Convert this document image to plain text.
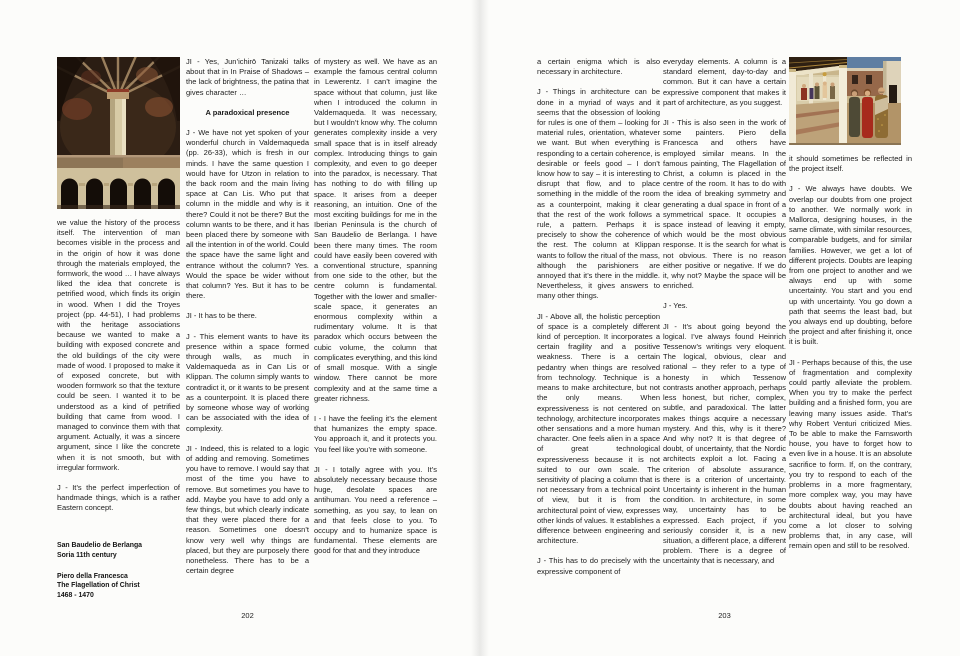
we value the history of the process itself. The intervention of man becomes visible in the process and in the origin of how it was done through the materials employed, the formwork, the wood … I have always liked the idea that concrete is petrified wood, which finds its origin in wood. When I did the Troyes project (pp. 44-51), I had problems with the heritage associations because we wanted to make a building with exposed concrete and the old buildings of the city were made of wood. I proposed to make it of exposed concrete, but with wooden formwork so that the texture could be seen. I wanted it to be understood as a kind of petrified building that came from wood. I managed to convince them with that argument. Actually, it was a sincere argument, since I like the concrete when it is not smooth, but with irregular formwork.

J - It’s the perfect imperfection of handmade things, which is a rather Eastern concept.

San Baudelio de Berlanga
Soria 11th century
Piero della Francesca
The Flagellation of Christ
1468 - 1470

JI - Yes, Jun’ichirō Tanizaki talks about that in In Praise of Shadows – the lack of brightness, the patina that gives character …

A paradoxical presence

J - We have not yet spoken of your wonderful church in Valdemaqueda (pp. 26-33), which is fresh in our minds. I have the same question I would have for Utzon in relation to the back room and the main living space at Can Lis. Who put that column in the middle and why is it there? Could it not be there? But the column wants to be there, and it has been placed there by someone with all the intention in of the world. Could the space have the same light and entrance without the column? Yes. Would the space be wider without that column? Yes. But it has to be there.

JI - It has to be there.

J - This element wants to have its presence within a space formed through walls, as much in Valdemaqueda as in Can Lis or Klippan. The column simply wants to contradict it, or it wants to be present as a counterpoint. It is placed there by someone whose way of working can be associated with the idea of complexity.

JI - Indeed, this is related to a logic of adding and removing. Sometimes you have to remove. I would say that most of the time you have to remove. But sometimes you have to add. Maybe you have to add only a few things, but which clearly indicate that they were placed there for a reason. Sometimes one doesn’t know very well why things are placed, but they are purposely there nonetheless. There has to be a certain degree

of mystery as well. We have as an example the famous central column in Lewerentz. I can’t imagine the space without that column, just like when I introduced the column in Valdemaqueda. It was necessary, but I wouldn’t know why. The column generates complexity inside a very small space that is in itself already complex. Introducing things to gain complexity, and even to go deeper into the paradox, is necessary. That has nothing to do with filling up space. It arises from a deeper reasoning, an intuition. One of the most exciting buildings for me in the Iberian Peninsula is the church of San Baudelio de Berlanga. I have been there many times. The room could have easily been covered with a conventional structure, spanning from one side to the other, but the centre column is fundamental. Together with the lower and smaller-scale space, it generates an enormous complexity within a rudimentary volume. It is that paradox which occurs between the cubic volume, the column that complicates everything, and this kind of small mosque. With a single window. There cannot be more complexity and at the same time a greater richness.

I - I have the feeling it’s the element that humanizes the empty space. You approach it, and it protects you. You feel like you’re with someone.

JI - I totally agree with you. It’s absolutely necessary because those huge, desolate spaces are antihuman. You need a reference – something, as you say, to lean on and that feels close to you. To occupy and to humanize space is fundamental. These elements are good for that and they introduce

a certain enigma which is also necessary in architecture.

J - Things in architecture can be done in a myriad of ways and it seems that the obsession of looking for rules is one of them – looking for material rules, orientation, whatever we want. But when everything is responding to a certain coherence, is desirable or feels good – I don’t know how to say – it is interesting to disrupt that flow, and to place something in the middle of the room as a counterpoint, making it clear that the rest of the work follows a rule, a pattern. Perhaps it is precisely to show the coherence of the rest. The column at Klippan wants to follow the ritual of the mass, although the parishioners are annoyed that it’s there in the middle. Nevertheless, it gives answers to many other things.

JI - Above all, the holistic perception of space is a completely different kind of perception. It incorporates a certain fragility and a positive weakness. There is a certain pedantry when things are resolved from technology. Technique is a means to make architecture, but not the only means. When expressiveness is not centered on technology, architecture incorporates other sensations and a more human character. One feels alien in a space of great technological expressiveness because it is not suited to our own scale. The sensitivity of placing a column that is not necessary from a technical point of view, but it is from the architectural point of view, expresses other kinds of values. It establishes a difference between engineering and architecture.

J - This has to do precisely with the expressive component of

everyday elements. A column is a standard element, day-to-day and common. But it can have a certain expressive component that makes it part of architecture, as you suggest.

JI - This is also seen in the work of some painters. Piero della Francesca and others have employed similar means. In the famous painting, The Flagellation of Christ, a column is placed in the centre of the room. It has to do with the idea of breaking symmetry and generating a dual space in front of a symmetrical space. It occupies a space instead of leaving it empty, which would be the most obvious response. It is the search for what is not obvious. There is no reason either positive or negative. If we do it, why not? Maybe the space will be enriched.

J - Yes.

JI - It’s about going beyond the logical. I’ve always found Heinrich Tessenow’s writings very eloquent. The logical, obvious, clear and rational – they refer to a type of honesty in which Tessenow contrasts another approach, perhaps less honest, but richer, complex, subtle, and paradoxical. The latter makes things acquire a necessary mystery. And this, why is it there? And why not? It is that degree of doubt, of uncertainty, that the Nordic architects exploit a lot. Facing a criterion of absolute assurance, there is a criterion of uncertainty. Uncertainty is inherent in the human condition. In architecture, in some way, uncertainty has to be expressed. Each project, if you seriously consider it, is a new situation, a different place, a different problem. There is a degree of uncertainty that is necessary, and

it should sometimes be reflected in the project itself.

J - We always have doubts. We overlap our doubts from one project to another. We normally work in Mallorca, designing houses, in the same climate, with similar resources, comparable budgets, and for similar families. However, we get a lot of different projects. Doubts are leaping from one project to another and we always end up with some uncertainty. You start and you end up with uncertainty. You go down a path that seems the least bad, but you always end up doubting, before the project and after finishing it, once it is built.

JI - Perhaps because of this, the use of fragmentation and complexity could partly alleviate the problem. When you try to make the perfect building and a finished form, you are leaving many issues aside. That’s why Robert Venturi criticized Mies. To be able to make the Farnsworth house, you have to forget how to even live in a house. It is an absolute sacrifice to form. If, on the contrary, you try to respond to each of the problems in a more fragmentary, more complex way, you may have doubts about having reached an architectural ideal, but you have come a lot closer to solving problems that, in any case, will remain open and still to be resolved.

202	203
